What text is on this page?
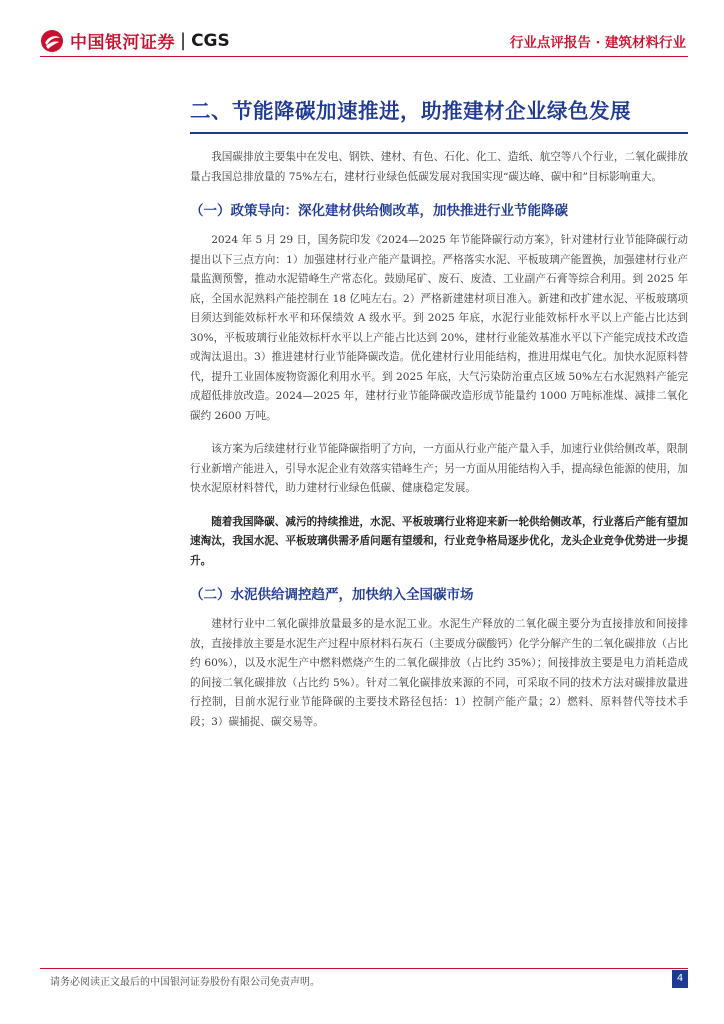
中国银河证券 | CGS	行业点评报告 · 建筑材料行业
二、节能降碳加速推进，助推建材企业绿色发展

我国碳排放主要集中在发电、钢铁、建材、有色、石化、化工、造纸、航空等八个行业，二氧化碳排放量占我国总排放量的 75%左右，建材行业绿色低碳发展对我国实现“碳达峰、碳中和”目标影响重大。

（一）政策导向：深化建材供给侧改革，加快推进行业节能降碳

2024 年 5 月 29 日，国务院印发《2024—2025 年节能降碳行动方案》，针对建材行业节能降碳行动提出以下三点方向：1）加强建材行业产能产量调控。严格落实水泥、平板玻璃产能置换，加强建材行业产量监测预警，推动水泥错峰生产常态化。鼓励尾矿、废石、废渣、工业副产石膏等综合利用。到 2025 年底，全国水泥熟料产能控制在 18 亿吨左右。2）严格新建建材项目准入。新建和改扩建水泥、平板玻璃项目须达到能效标杆水平和环保绩效 A 级水平。到 2025 年底，水泥行业能效标杆水平以上产能占比达到 30%，平板玻璃行业能效标杆水平以上产能占比达到 20%，建材行业能效基准水平以下产能完成技术改造或淘汰退出。3）推进建材行业节能降碳改造。优化建材行业用能结构，推进用煤电气化。加快水泥原料替代，提升工业固体废物资源化利用水平。到 2025 年底，大气污染防治重点区域 50%左右水泥熟料产能完成超低排放改造。2024—2025 年，建材行业节能降碳改造形成节能量约 1000 万吨标准煤、减排二氧化碳约 2600 万吨。

该方案为后续建材行业节能降碳指明了方向，一方面从行业产能产量入手，加速行业供给侧改革，限制行业新增产能进入，引导水泥企业有效落实错峰生产；另一方面从用能结构入手，提高绿色能源的使用，加快水泥原材料替代，助力建材行业绿色低碳、健康稳定发展。

随着我国降碳、减污的持续推进，水泥、平板玻璃行业将迎来新一轮供给侧改革，行业落后产能有望加速淘汰，我国水泥、平板玻璃供需矛盾问题有望缓和，行业竞争格局逐步优化，龙头企业竞争优势进一步提升。

（二）水泥供给调控趋严，加快纳入全国碳市场

建材行业中二氧化碳排放量最多的是水泥工业。水泥生产释放的二氧化碳主要分为直接排放和间接排放，直接排放主要是水泥生产过程中原材料石灰石（主要成分碳酸钙）化学分解产生的二氧化碳排放（占比约 60%），以及水泥生产中燃料燃烧产生的二氧化碳排放（占比约 35%）；间接排放主要是电力消耗造成的间接二氧化碳排放（占比约 5%）。针对二氧化碳排放来源的不同，可采取不同的技术方法对碳排放量进行控制，目前水泥行业节能降碳的主要技术路径包括：1）控制产能产量；2）燃料、原料替代等技术手段；3）碳捕捉、碳交易等。

请务必阅读正文最后的中国银河证券股份有限公司免责声明。	4
